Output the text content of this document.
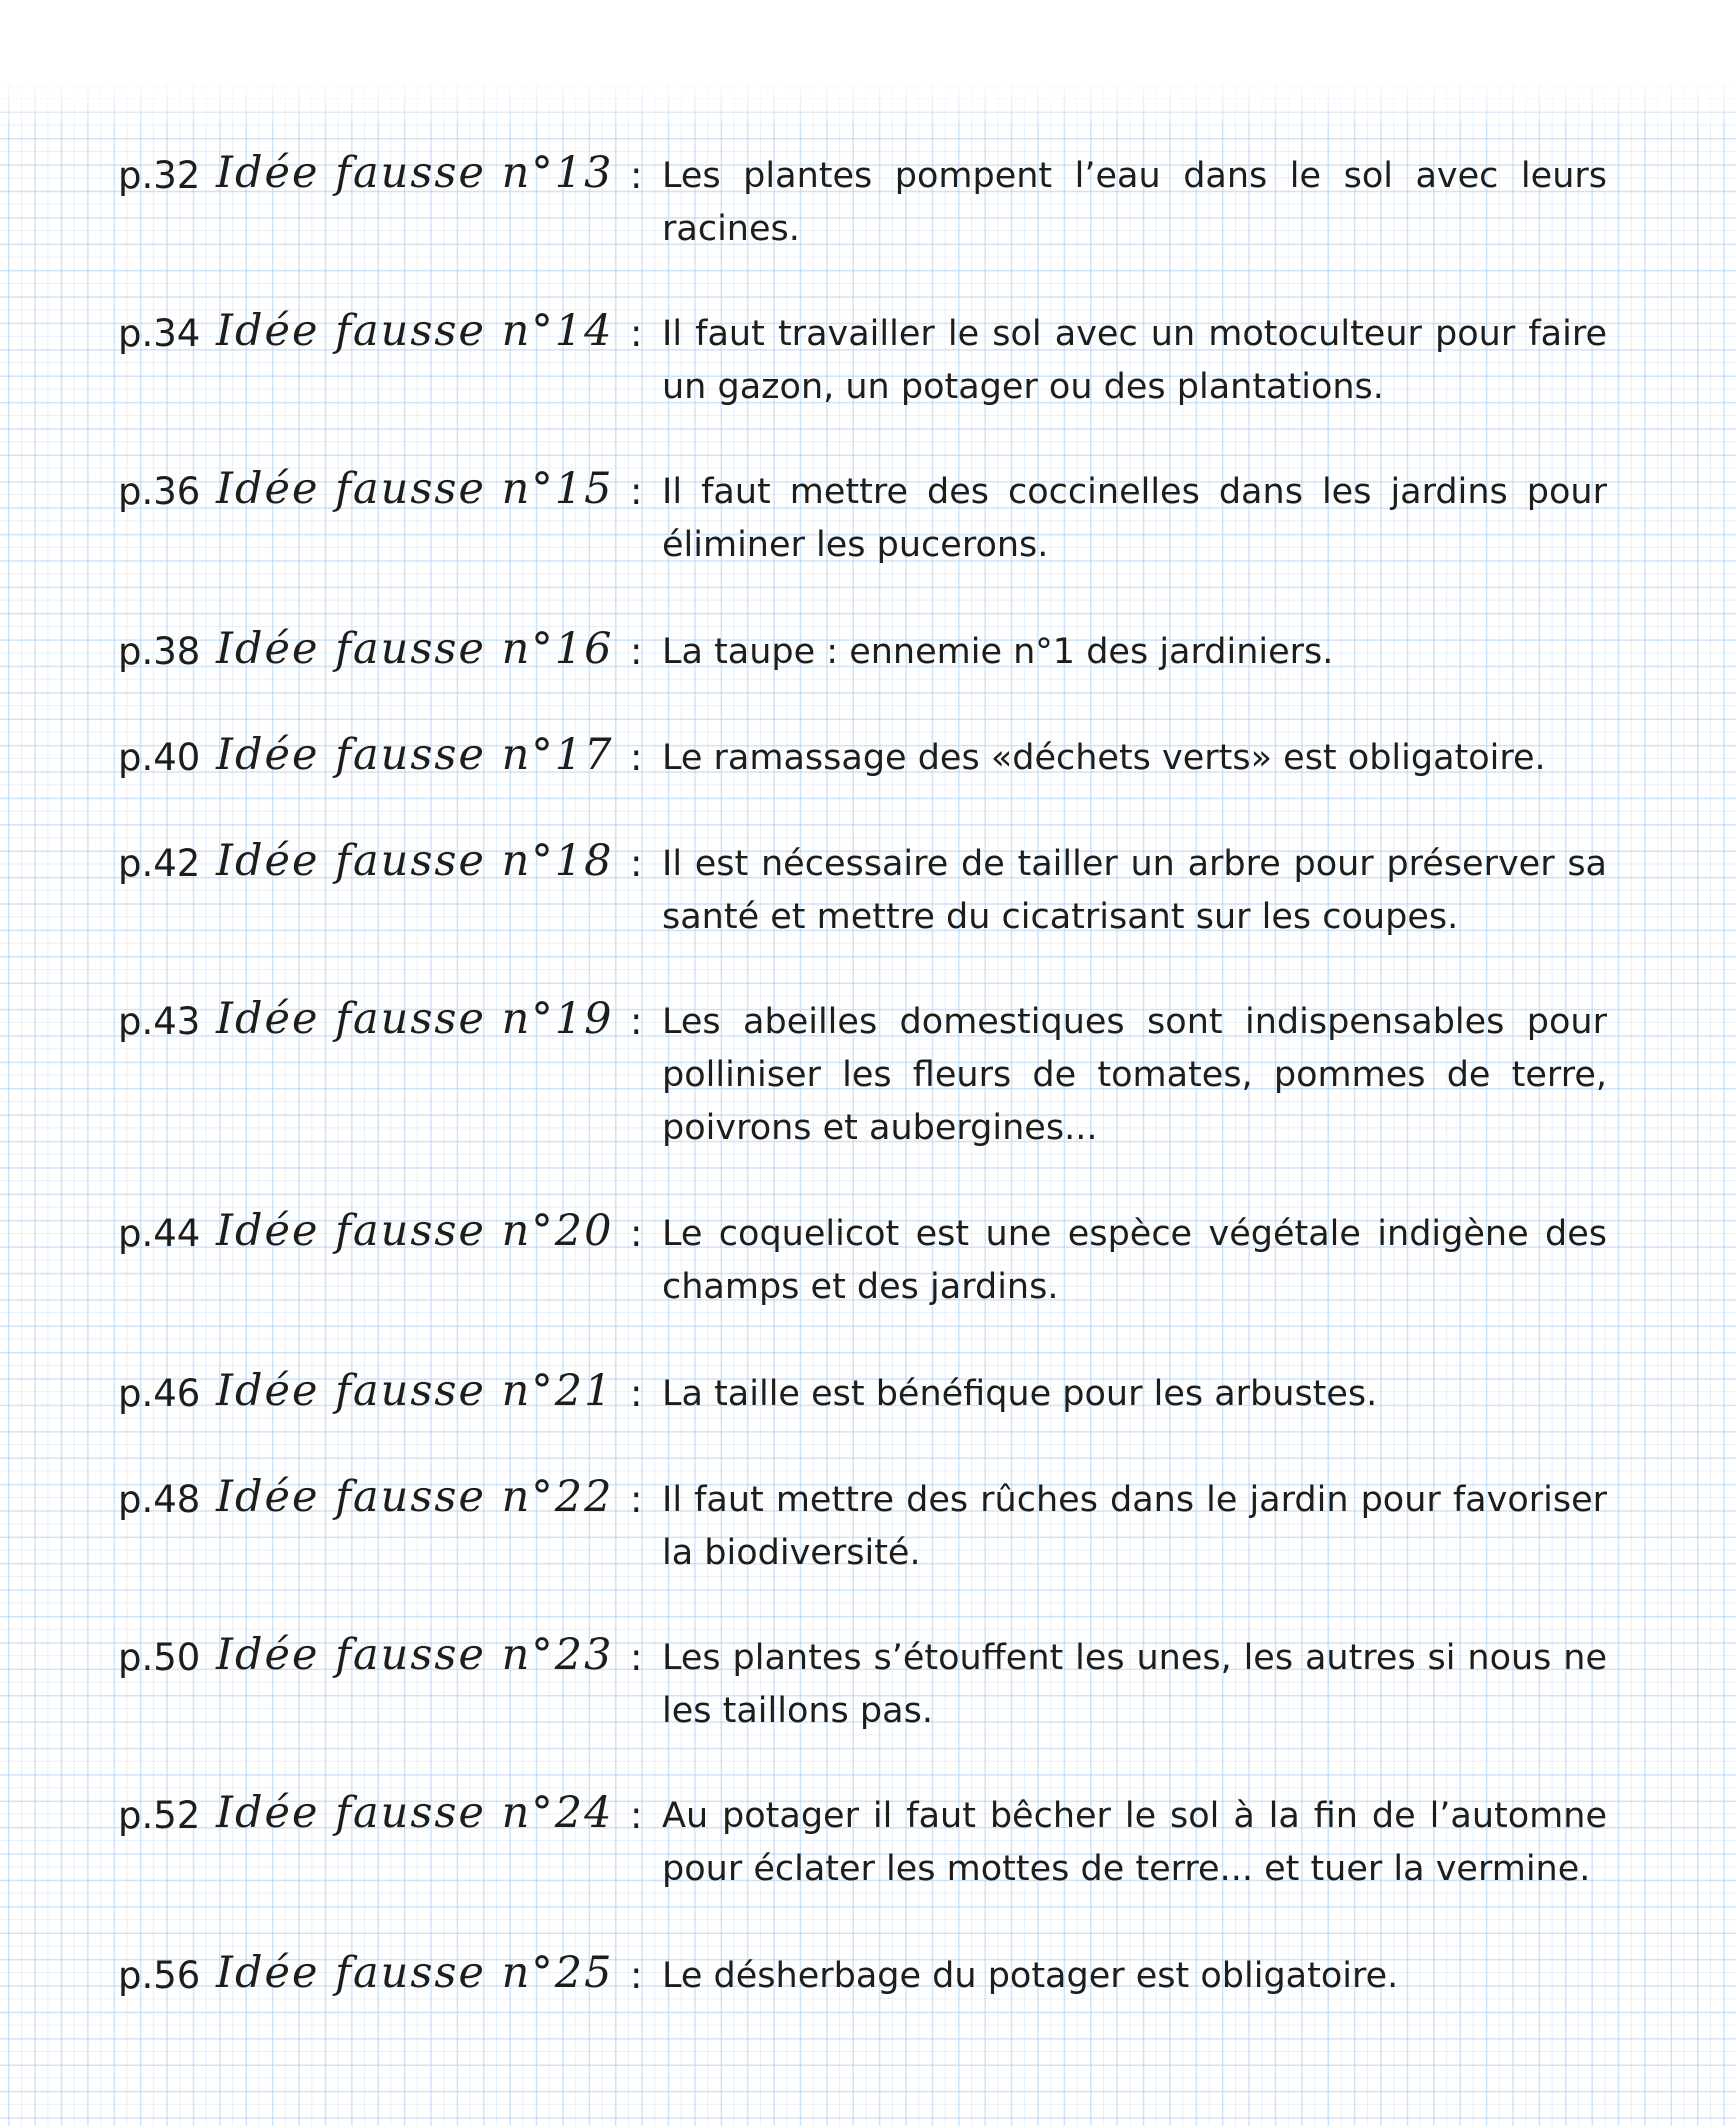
p.32 Idée fausse n°13 : Les plantes pompent l’eau dans le sol avec leurs racines.
p.34 Idée fausse n°14 : Il faut travailler le sol avec un motoculteur pour faire un gazon, un potager ou des plantations.
p.36 Idée fausse n°15 : Il faut mettre des coccinelles dans les jardins pour éliminer les pucerons.
p.38 Idée fausse n°16 : La taupe : ennemie n°1 des jardiniers.
p.40 Idée fausse n°17 : Le ramassage des «déchets verts» est obligatoire.
p.42 Idée fausse n°18 : Il est nécessaire de tailler un arbre pour préserver sa santé et mettre du cicatrisant sur les coupes.
p.43 Idée fausse n°19 : Les abeilles domestiques sont indispensables pour polliniser les fleurs de tomates, pommes de terre, poivrons et aubergines...
p.44 Idée fausse n°20 : Le coquelicot est une espèce végétale indigène des champs et des jardins.
p.46 Idée fausse n°21 : La taille est bénéfique pour les arbustes.
p.48 Idée fausse n°22 : Il faut mettre des rûches dans le jardin pour favoriser la biodiversité.
p.50 Idée fausse n°23 : Les plantes s’étouffent les unes, les autres si nous ne les taillons pas.
p.52 Idée fausse n°24 : Au potager il faut bêcher le sol à la fin de l’automne pour éclater les mottes de terre... et tuer la vermine.
p.56 Idée fausse n°25 : Le désherbage du potager est obligatoire.
